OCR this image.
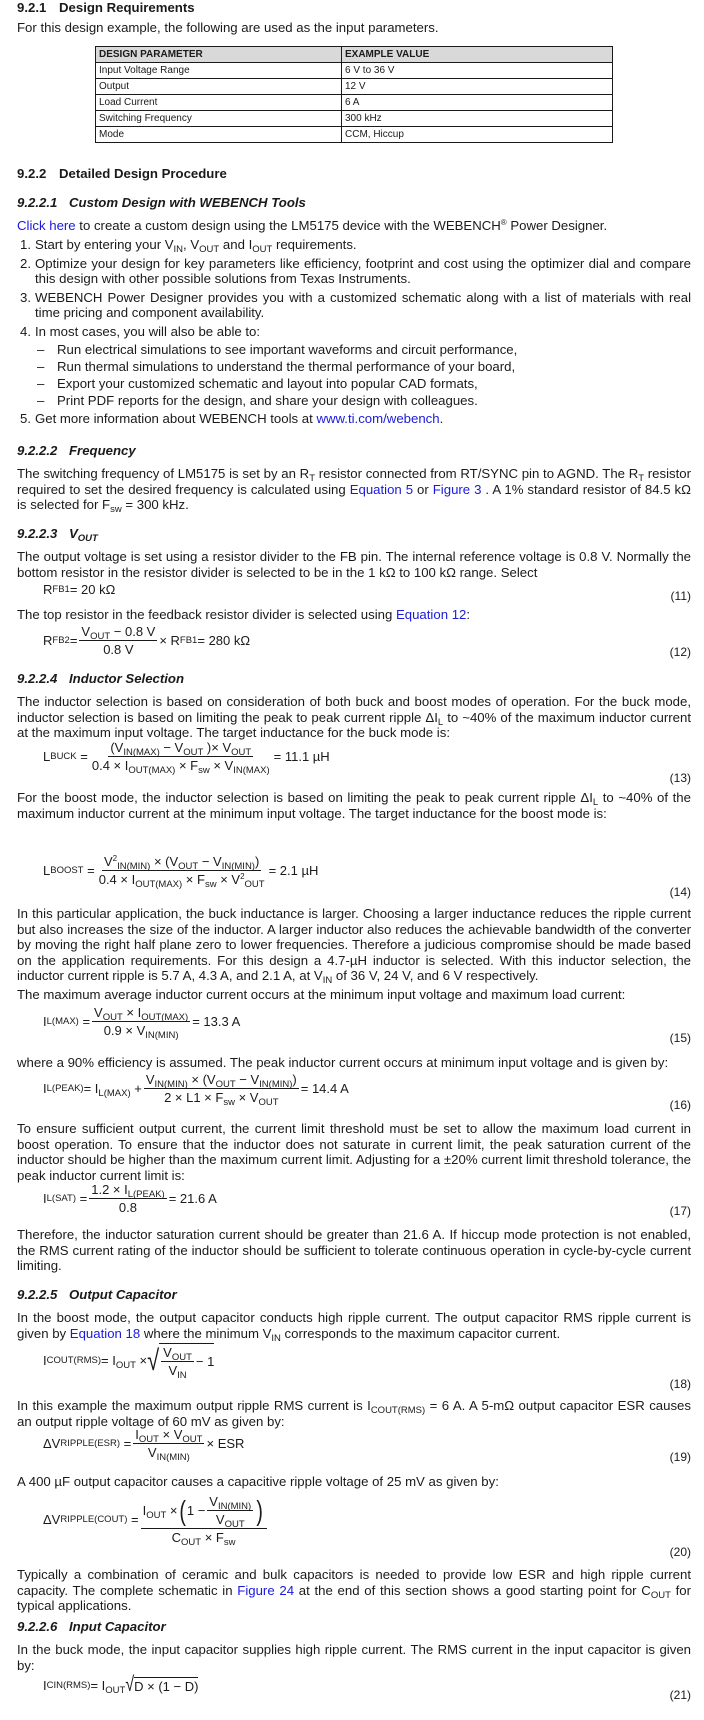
9.2.1 Design Requirements

For this design example, the following are used as the input parameters.

DESIGN PARAMETER	EXAMPLE VALUE
Input Voltage Range	6 V to 36 V
Output	12 V
Load Current	6 A
Switching Frequency	300 kHz
Mode	CCM, Hiccup
9.2.2 Detailed Design Procedure
9.2.2.1 Custom Design with WEBENCH Tools

Click here to create a custom design using the LM5175 device with the WEBENCH® Power Designer.

1. Start by entering your $V_{IN}$, $V_{OUT}$ and $I_{OUT}$ requirements.
2. Optimize your design for key parameters like efficiency, footprint and cost using the optimizer dial and compare this design with other possible solutions from Texas Instruments.
3. WEBENCH Power Designer provides you with a customized schematic along with a list of materials with real time pricing and component availability.
4. In most cases, you will also be able to:
– Run electrical simulations to see important waveforms and circuit performance,
– Run thermal simulations to understand the thermal performance of your board,
– Export your customized schematic and layout into popular CAD formats,
– Print PDF reports for the design, and share your design with colleagues.
5. Get more information about WEBENCH tools at www.ti.com/webench.
9.2.2.2 Frequency

The switching frequency of LM5175 is set by an $R_T$ resistor connected from RT/SYNC pin to AGND. The $R_T$ resistor required to set the desired frequency is calculated using Equation 5 or Figure 3 . A 1% standard resistor of 84.5 kΩ is selected for $F_{sw} = 300$ kHz.

9.2.2.3 $V_{OUT}$

The output voltage is set using a resistor divider to the FB pin. The internal reference voltage is 0.8 V. Normally the bottom resistor in the resistor divider is selected to be in the 1 kΩ to 100 kΩ range. Select

R FB1 = 20 kΩ	(11)

The top resistor in the feedback resistor divider is selected using Equation 12:

R $FB2 = \frac{V_{OUT} - 0.8 V}{0.8 V} \times R$ FB1 = 280 kΩ
(12)
9.2.2.4 Inductor Selection

The inductor selection is based on consideration of both buck and boost modes of operation. For the buck mode, inductor selection is based on limiting the peak to peak current ripple $\Delta I_L$ to ~40% of the maximum inductor current at the maximum input voltage. The target inductance for the buck mode is:

L BUCK = $\frac{(V_{IN(MAX)} - V_{OUT} )\times V_{OUT}}{0.4 \times I_{OUT(MAX)} \times F_{sw} \times V_{IN(MAX)}} = 11.1$ µH
(13)

For the boost mode, the inductor selection is based on limiting the peak to peak current ripple $\Delta I_L$ to ~40% of the maximum inductor current at the minimum input voltage. The target inductance for the boost mode is:

L BOOST = $\frac{V^2_{IN(MIN)} \times (V_{OUT} - V_{IN(MIN)})}{0.4 \times I_{OUT(MAX)} \times F_{sw} \times V^2_{OUT}} = 2.1$ µH
(14)

In this particular application, the buck inductance is larger. Choosing a larger inductance reduces the ripple current but also increases the size of the inductor. A larger inductor also reduces the achievable bandwidth of the converter by moving the right half plane zero to lower frequencies. Therefore a judicious compromise should be made based on the application requirements. For this design a 4.7-µH inductor is selected. With this inductor selection, the inductor current ripple is 5.7 A, 4.3 A, and 2.1 A, at $V_{IN}$ of 36 V, 24 V, and 6 V respectively.

The maximum average inductor current occurs at the minimum input voltage and maximum load current:

I $L(MAX) = \frac{V_{OUT} \times I_{OUT(MAX)}}{0.9 \times V_{IN(MIN)}} = 13.3$ A
(15)

where a 90% efficiency is assumed. The peak inductor current occurs at minimum input voltage and is given by:

I L(PEAK) = $I_{L(MAX)} + \frac{V_{IN(MIN)} \times (V_{OUT} - V_{IN(MIN)})}{2 \times L1 \times F_{sw} \times V_{OUT}} = 14.4$ A
(16)

To ensure sufficient output current, the current limit threshold must be set to allow the maximum load current in boost operation. To ensure that the inductor does not saturate in current limit, the peak saturation current of the inductor should be higher than the maximum current limit. Adjusting for a ±20% current limit threshold tolerance, the peak inductor current limit is:

I $L(SAT) = \frac{1.2 \times I_{L(PEAK)}}{0.8} = 21.6$ A
(17)

Therefore, the inductor saturation current should be greater than 21.6 A. If hiccup mode protection is not enabled, the RMS current rating of the inductor should be sufficient to tolerate continuous operation in cycle-by-cycle current limiting.

9.2.2.5 Output Capacitor

In the boost mode, the output capacitor conducts high ripple current. The output capacitor RMS ripple current is given by Equation 18 where the minimum $V_{IN}$ corresponds to the maximum capacitor current.

I COUT(RMS) = $I_{OUT}$ × √ $\frac{V_{OUT}}{V_{IN}} - 1$
(18)

In this example the maximum output ripple RMS current is $I_{COUT(RMS)} = 6$ A. A 5-mΩ output capacitor ESR causes an output ripple voltage of 60 mV as given by:

ΔV RIPPLE(ESR) = $\frac{I_{OUT} \times V_{OUT}}{V_{IN(MIN)}}$ × ESR
(19)

A 400 µF output capacitor causes a capacitive ripple voltage of 25 mV as given by:

ΔV RIPPLE(COUT) = $\frac{I_{OUT} \times ( 1 - \frac{V_{IN(MIN)}}{V_{OUT}} )}{C_{OUT} \times F_{sw}}$
(20)

Typically a combination of ceramic and bulk capacitors is needed to provide low ESR and high ripple current capacity. The complete schematic in Figure 24 at the end of this section shows a good starting point for $C_{OUT}$ for typical applications.

9.2.2.6 Input Capacitor

In the buck mode, the input capacitor supplies high ripple current. The RMS current in the input capacitor is given by:

I $CIN(RMS) = I_{OUT}$ √ D × (1 − D)
(21)
